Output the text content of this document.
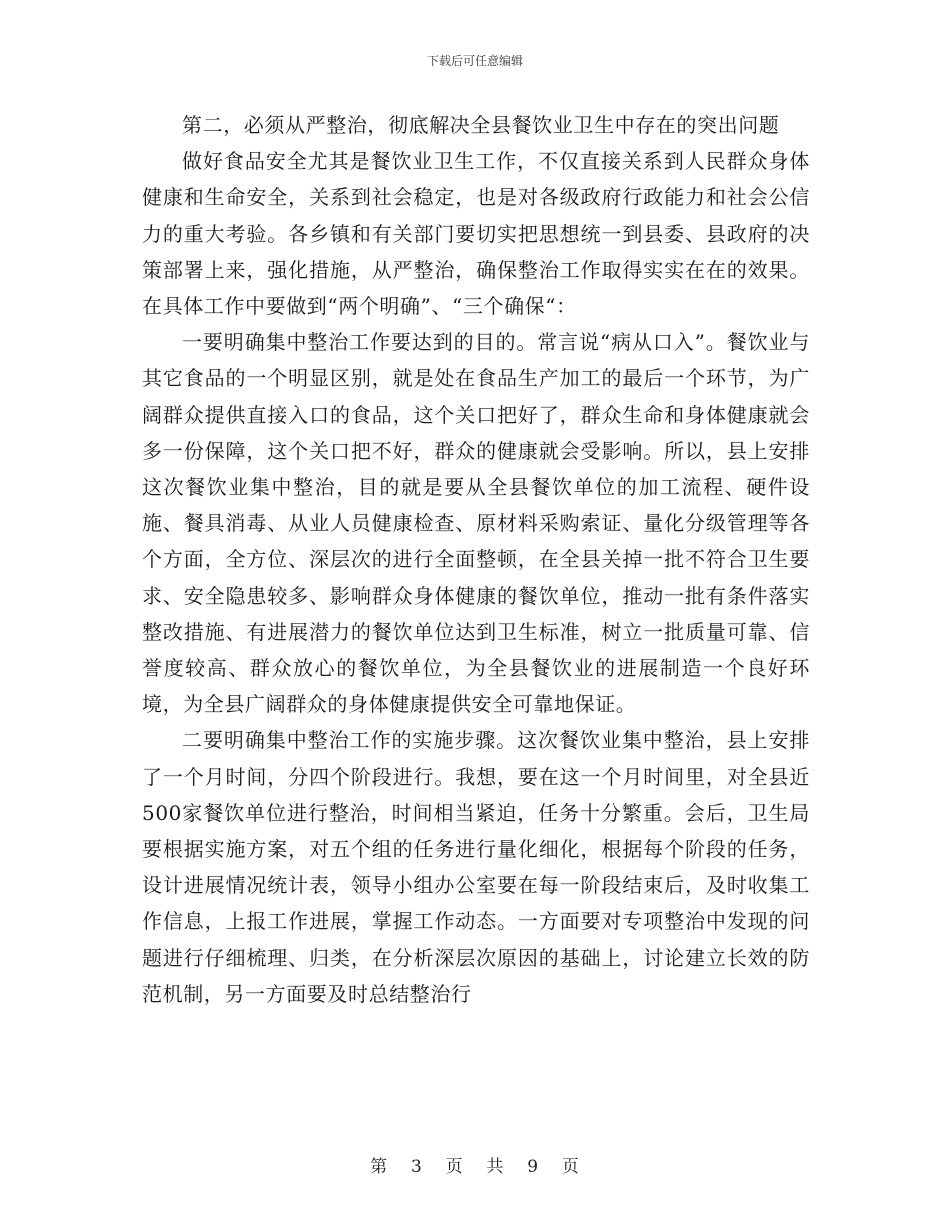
下载后可任意编辑

第二，必须从严整治，彻底解决全县餐饮业卫生中存在的突出问题

做好食品安全尤其是餐饮业卫生工作，不仅直接关系到人民群众身体健康和生命安全，关系到社会稳定，也是对各级政府行政能力和社会公信力的重大考验。各乡镇和有关部门要切实把思想统一到县委、县政府的决策部署上来，强化措施，从严整治，确保整治工作取得实实在在的效果。在具体工作中要做到“两个明确”、“三个确保“：

一要明确集中整治工作要达到的目的。常言说“病从口入”。餐饮业与其它食品的一个明显区别，就是处在食品生产加工的最后一个环节，为广阔群众提供直接入口的食品，这个关口把好了，群众生命和身体健康就会多一份保障，这个关口把不好，群众的健康就会受影响。所以，县上安排这次餐饮业集中整治，目的就是要从全县餐饮单位的加工流程、硬件设施、餐具消毒、从业人员健康检查、原材料采购索证、量化分级管理等各个方面，全方位、深层次的进行全面整顿，在全县关掉一批不符合卫生要求、安全隐患较多、影响群众身体健康的餐饮单位，推动一批有条件落实整改措施、有进展潜力的餐饮单位达到卫生标准，树立一批质量可靠、信誉度较高、群众放心的餐饮单位，为全县餐饮业的进展制造一个良好环境，为全县广阔群众的身体健康提供安全可靠地保证。

二要明确集中整治工作的实施步骤。这次餐饮业集中整治，县上安排了一个月时间，分四个阶段进行。我想，要在这一个月时间里，对全县近500家餐饮单位进行整治，时间相当紧迫，任务十分繁重。会后，卫生局要根据实施方案，对五个组的任务进行量化细化，根据每个阶段的任务，设计进展情况统计表，领导小组办公室要在每一阶段结束后，及时收集工作信息，上报工作进展，掌握工作动态。一方面要对专项整治中发现的问题进行仔细梳理、归类，在分析深层次原因的基础上，讨论建立长效的防范机制，另一方面要及时总结整治行

第 3 页 共 9 页
